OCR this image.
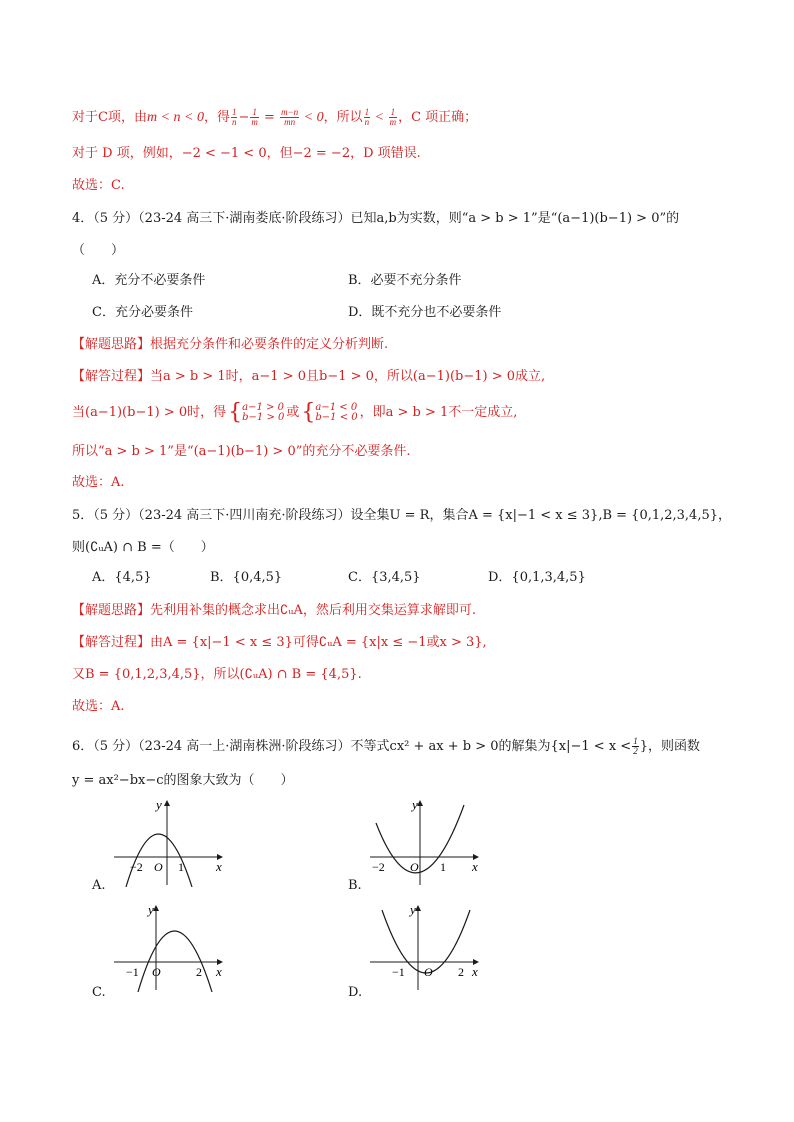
对于C项，由m < n < 0，得 $\frac{1}{n} - \frac{1}{m} = \frac{m-n}{mn} < 0$，所以 $\frac{1}{n} < \frac{1}{m}$ ，C 项正确；
对于 D 项，例如，−2 < −1 < 0，但−2 = −2，D 项错误.
故选：C.
4．（5 分）（23-24 高三下·湖南娄底·阶段练习）已知a,b为实数，则“a > b > 1”是“(a−1)(b−1) > 0”的
（　　）
A．充分不必要条件	B．必要不充分条件
C．充分必要条件	D．既不充分也不必要条件
【解题思路】根据充分条件和必要条件的定义分析判断.
【解答过程】当a > b > 1时，a−1 > 0且b−1 > 0，所以(a−1)(b−1) > 0成立,
当(a−1)(b−1) > 0时，得{ a−1 > 0
b−1 > 0 或{ a−1 < 0
b−1 < 0 ，即a > b > 1不一定成立,
所以“a > b > 1”是“(a−1)(b−1) > 0”的充分不必要条件.
故选：A.
5．（5 分）（23-24 高三下·四川南充·阶段练习）设全集U = R，集合A = {x|−1 < x ≤ 3},B = {0,1,2,3,4,5}，
则(∁ᵤA) ∩ B =（　　）
A．{4,5}	B．{0,4,5}	C．{3,4,5}	D．{0,1,3,4,5}
【解题思路】先利用补集的概念求出∁ᵤA，然后利用交集运算求解即可.
【解答过程】由A = {x|−1 < x ≤ 3}可得∁ᵤA = {x|x ≤ −1或x > 3},
又B = {0,1,2,3,4,5}，所以(∁ᵤA) ∩ B = {4,5}.
故选：A.
6．（5 分）（23-24 高一上·湖南株洲·阶段练习）不等式cx² + ax + b > 0的解集为{$x|-1 < x < \frac{1}{2}$ }，则函数
y = ax²−bx−c的图象大致为（　　）
x
y
−2 O 1
A.
x
y
−2 O 1
B.
x
y
−1 O	2
C.
x
y
−1 O 2
D.
